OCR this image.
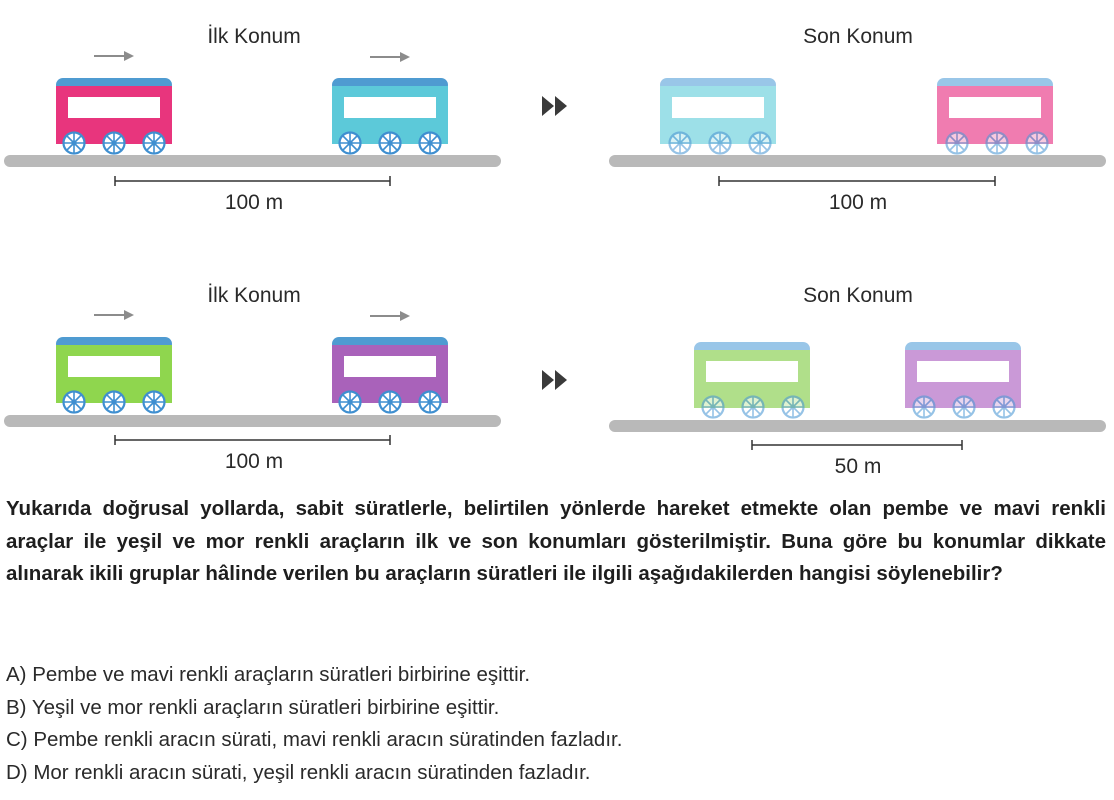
İlk Konum	Son Konum
100 m	100 m
İlk Konum	Son Konum
100 m	50 m

Yukarıda doğrusal yollarda, sabit süratlerle, belirtilen yönlerde hareket etmekte olan pembe ve mavi renkli araçlar ile yeşil ve mor renkli araçların ilk ve son konumları gösterilmiştir. Buna göre bu konumlar dikkate alınarak ikili gruplar hâlinde verilen bu araçların süratleri ile ilgili aşağıdakilerden hangisi söylenebilir?

A) Pembe ve mavi renkli araçların süratleri birbirine eşittir.
B) Yeşil ve mor renkli araçların süratleri birbirine eşittir.
C) Pembe renkli aracın sürati, mavi renkli aracın süratinden fazladır.
D) Mor renkli aracın sürati, yeşil renkli aracın süratinden fazladır.
